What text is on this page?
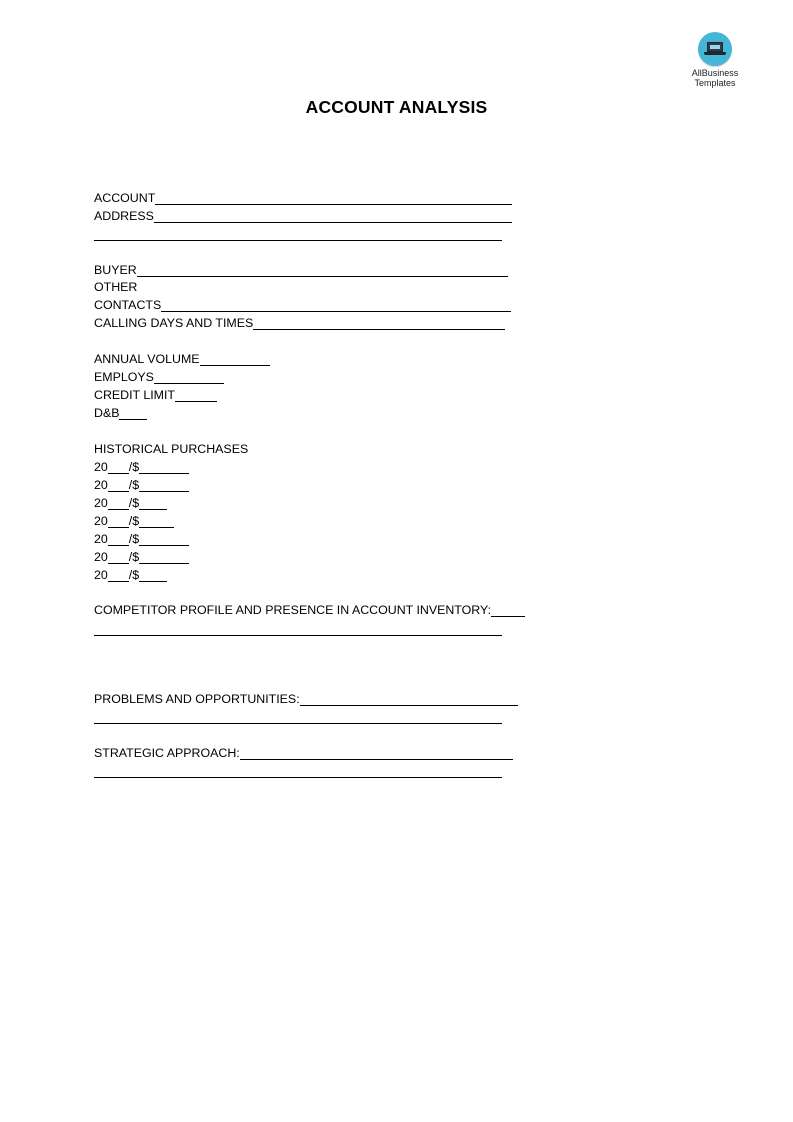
AllBusiness
Templates
ACCOUNT ANALYSIS
ACCOUNT
ADDRESS
BUYER
OTHER
CONTACTS
CALLING DAYS AND TIMES
ANNUAL VOLUME
EMPLOYS
CREDIT LIMIT
D&B
HISTORICAL PURCHASES
20 /$
20 /$
20 /$
20 /$
20 /$
20 /$
20 /$
COMPETITOR PROFILE AND PRESENCE IN ACCOUNT INVENTORY:
PROBLEMS AND OPPORTUNITIES:
STRATEGIC APPROACH:
